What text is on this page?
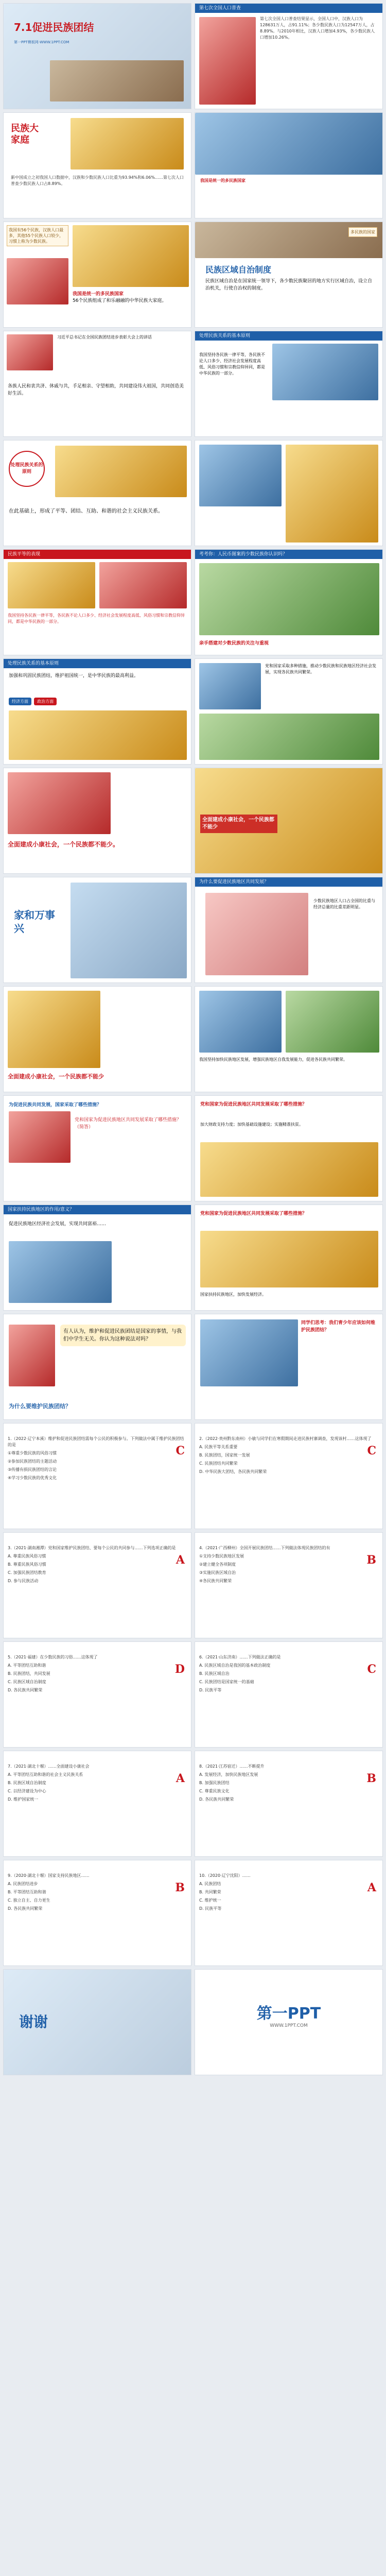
7.1促进民族团结
第一PPT模板网-WWW.1PPT.COM
第七次全国人口普查
第七次全国人口普查结果显示，全国人口中，汉族人口为128631万人，占91.11%；各少数民族人口为12547万人，占8.89%。与2010年相比，汉族人口增加4.93%，各少数民族人口增加10.26%。
民族大家庭
新中国成立之初我国人口数据中，汉族和少数民族人口比重为93.94%和6.06%……第七次人口普查少数民族人口占8.89%。
我国是统一的多民族国家
我国有56个民族，汉族人口最多，其他55个民族人口较少，习惯上称为少数民族。
我国是统一的多民族国家
56个民族组成了和乐融融的中华民族大家庭。
民族区域自治制度
民族区域自治是在国家统一领导下，各少数民族聚居的地方实行区域自治，设立自治机关，行使自治权的制度。
多民族的国家
习近平总书记在全国民族团结进步表彰大会上的讲话
各族人民和衷共济、休戚与共，手足相亲、守望相助，共同建设伟大祖国，共同创造美好生活。
处理民族关系的基本原则
我国坚持各民族一律平等，各民族不论人口多少、经济社会发展程度高低、风俗习惯和宗教信仰异同，都是中华民族的一部分。
处理民族关系的原则
在此基础上，形成了平等、团结、互助、和谐的社会主义民族关系。
民族平等的表现
我国坚持各民族一律平等，各民族不论人口多少、经济社会发展程度高低、风俗习惯和宗教信仰异同，都是中华民族的一部分。
考考你：人民币图案的少数民族你认识吗？
亲手搭建对少数民族的关注与重视
处理民族关系的基本原则
加强和巩固民族团结，维护祖国统一，是中华民族的最高利益。
经济方面 政治方面
党和国家采取多种措施，推动少数民族和民族地区经济社会发展，实现各民族共同繁荣。
全面建成小康社会，一个民族都不能少。
全面建成小康社会，一个民族都不能少
家和万事兴
为什么要促进民族地区共同发展？
少数民族地区人口占全国的比重与经济总量的比重差距明显。
全面建成小康社会，一个民族都不能少
我国坚持加快民族地区发展，增强民族地区自我发展能力，促进各民族共同繁荣。
为促进民族共同发展，国家采取了哪些措施？
党和国家为促进民族地区共同发展采取了哪些措施？（简答）
党和国家为促进民族地区共同发展采取了哪些措施？
加大财政支持力度；加快基础设施建设；实施精准扶贫。
国家扶持民族地区的作用/意义？
促进民族地区经济社会发展，实现共同富裕……
党和国家为促进民族地区共同发展采取了哪些措施？
国家扶持民族地区，加快发展经济。
有人认为，维护和促进民族团结是国家的事情，与我们中学生无关。你认为这种说法对吗？
为什么要维护民族团结？
同学们思考：我们青少年应该如何维护民族团结？

1.（2022·辽宁本溪）维护和促进民族团结需每个公民的积极参与。下列做法中属于维护民族团结的是

①尊重少数民族的风俗习惯

②参加民族团结的主题活动

③传播有损民族团结的言论

④学习少数民族的优秀文化

C

2.（2022·贵州黔东南州）小敏与同学们在寒假期间走进民族村寨调查，发现该村……这体现了

A. 民族平等关系重要

B. 民族团结，国家统一发展

C. 民族团结共同繁荣

D. 中华民族大团结，各民族共同繁荣

C

3.（2021·湖南湘潭）党和国家维护民族团结、要每个公民的共同参与……下列选项正确的是

A. 尊重民族风俗习惯

B. 尊重民族风俗习惯

C. 加强民族团结教育

D. 参与民族活动

A

4.（2021·广西柳州）全国开展民族团结……下列做法体现民族团结的有

①支持少数民族地区发展

②建立健全各项制度

③实施民族区域自治

④各民族共同繁荣

B

5.（2021·福建）在少数民族的习俗……这体现了

A. 平等团结互助和谐

B. 民族团结，共同发展

C. 民族区域自治制度

D. 各民族共同繁荣

D

6.（2021·山东济南）……下列做法正确的是

A. 民族区域自治是我国的基本政治制度

B. 民族区域自治

C. 民族团结是国家统一的基础

D. 民族平等

C

7.（2021·湖北十堰）……全面建设小康社会

A. 平等团结互助和谐的社会主义民族关系

B. 民族区域自治制度

C. 以经济建设为中心

D. 维护国家统一

A

8.（2021·江苏宿迁）……不断提升

A. 发展经济，加快民族地区发展

B. 加强民族团结

C. 尊重民族文化

D. 各民族共同繁荣

B

9.（2020·湖北十堰）国家支持民族地区……

A. 民族团结进步

B. 平等团结互助和谐

C. 独立自主、自力更生

D. 各民族共同繁荣

B

10.（2020·辽宁沈阳）……

A. 民族团结

B. 共同繁荣

C. 维护统一

D. 民族平等

A
谢谢	第一PPT
WWW.1PPT.COM
